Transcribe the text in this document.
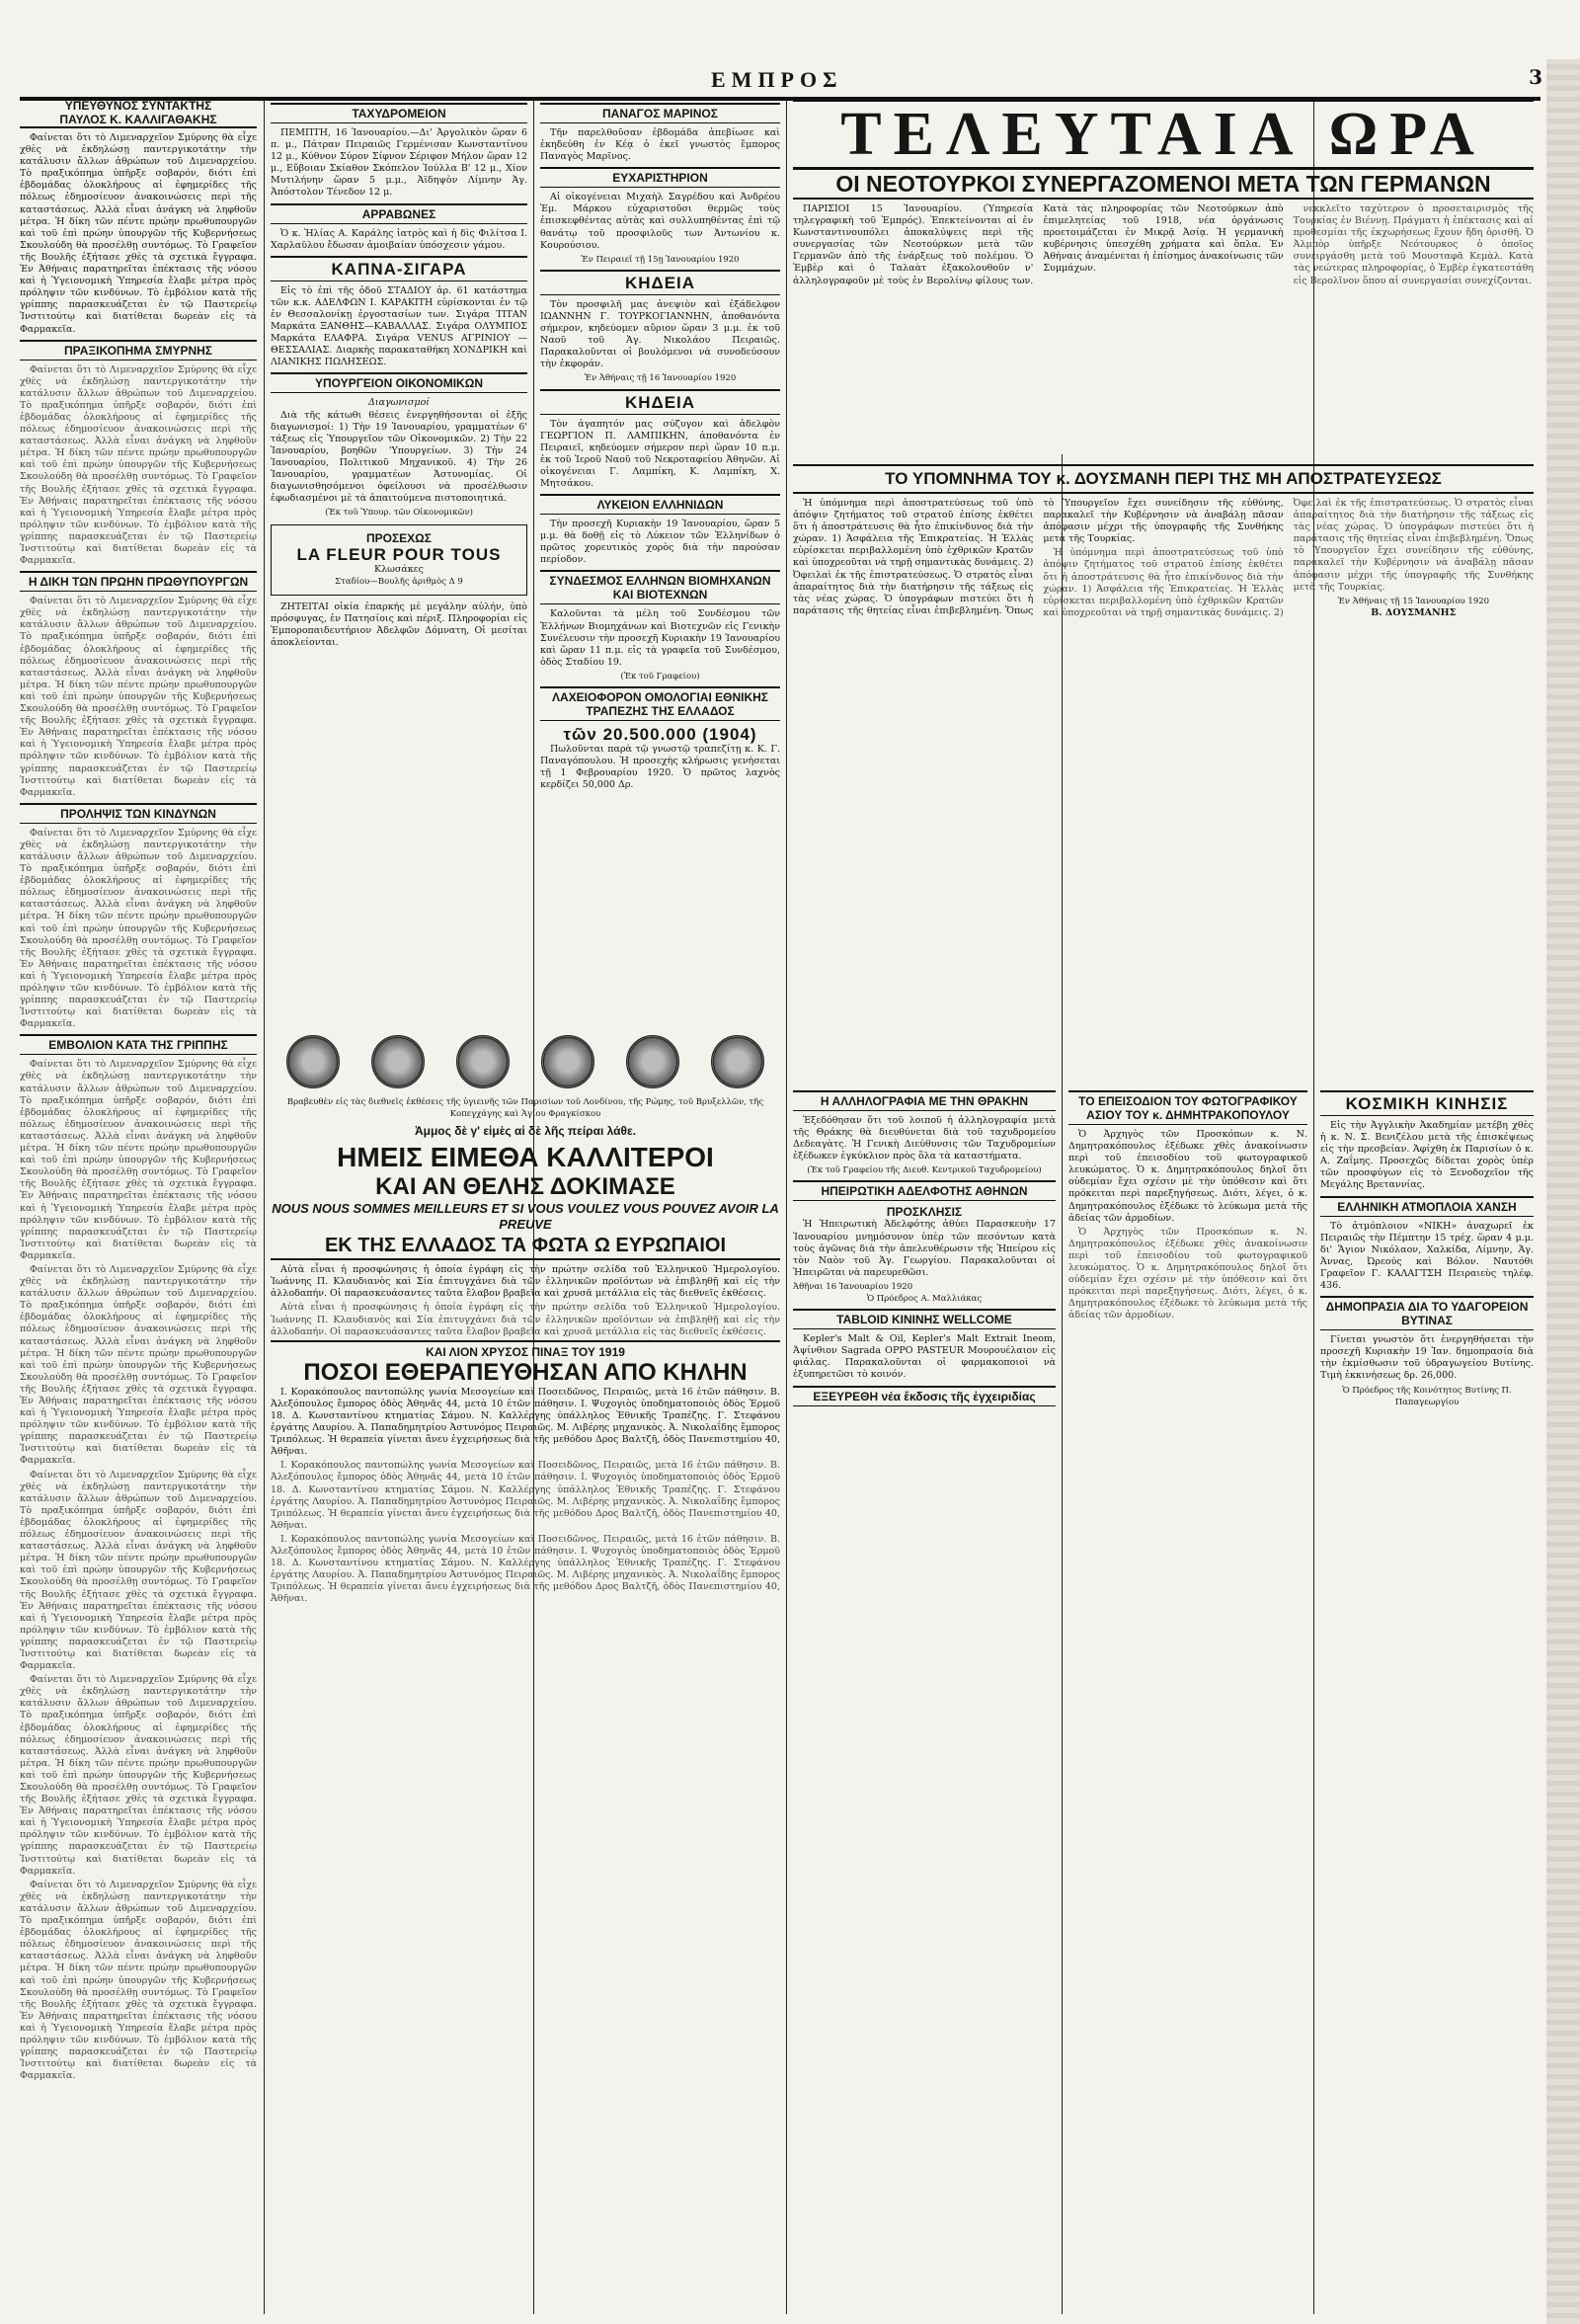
ΕΜΠΡΟΣ	3
ΥΠΕΥΘΥΝΟΣ ΣΥΝΤΑΚΤΗΣ
ΠΑΥΛΟΣ Κ. ΚΑΛΛΙΓΑΘΑΚΗΣ

Φαίνεται ὅτι τὸ Λιμεναρχεῖον Σμύρνης θὰ εἶχε χθὲς νὰ ἐκδηλώσῃ παντεργικοτάτην τὴν κατάλυσιν ἄλλων ἀθρώπων τοῦ Διμεναρχείου. Τὸ πραξικόπημα ὑπῆρξε σοβαρόν, διότι ἐπὶ ἑβδομάδας ὁλοκλήρους αἱ ἐφημερίδες τῆς πόλεως ἐδημοσίευον ἀνακοινώσεις περὶ τῆς καταστάσεως. Ἀλλὰ εἶναι ἀνάγκη νὰ ληφθοῦν μέτρα. Ἡ δίκη τῶν πέντε πρώην πρωθυπουργῶν καὶ τοῦ ἐπὶ πρώην ὑπουργῶν τῆς Κυβερνήσεως Σκουλούδη θὰ προσέλθῃ συντόμως. Τὸ Γραφεῖον τῆς Βουλῆς ἐξήτασε χθὲς τὰ σχετικὰ ἔγγραφα. Ἐν Ἀθήναις παρατηρεῖται ἐπέκτασις τῆς νόσου καὶ ἡ Ὑγειονομικὴ Ὑπηρεσία ἔλαβε μέτρα πρὸς πρόληψιν τῶν κινδύνων. Τὸ ἐμβόλιον κατὰ τῆς γρίππης παρασκευάζεται ἐν τῷ Παστερείῳ Ἰνστιτούτῳ καὶ διατίθεται δωρεὰν εἰς τὰ Φαρμακεῖα.

ΠΡΑΞΙΚΟΠΗΜΑ ΣΜΥΡΝΗΣ

Φαίνεται ὅτι τὸ Λιμεναρχεῖον Σμύρνης θὰ εἶχε χθὲς νὰ ἐκδηλώσῃ παντεργικοτάτην τὴν κατάλυσιν ἄλλων ἀθρώπων τοῦ Διμεναρχείου. Τὸ πραξικόπημα ὑπῆρξε σοβαρόν, διότι ἐπὶ ἑβδομάδας ὁλοκλήρους αἱ ἐφημερίδες τῆς πόλεως ἐδημοσίευον ἀνακοινώσεις περὶ τῆς καταστάσεως. Ἀλλὰ εἶναι ἀνάγκη νὰ ληφθοῦν μέτρα. Ἡ δίκη τῶν πέντε πρώην πρωθυπουργῶν καὶ τοῦ ἐπὶ πρώην ὑπουργῶν τῆς Κυβερνήσεως Σκουλούδη θὰ προσέλθῃ συντόμως. Τὸ Γραφεῖον τῆς Βουλῆς ἐξήτασε χθὲς τὰ σχετικὰ ἔγγραφα. Ἐν Ἀθήναις παρατηρεῖται ἐπέκτασις τῆς νόσου καὶ ἡ Ὑγειονομικὴ Ὑπηρεσία ἔλαβε μέτρα πρὸς πρόληψιν τῶν κινδύνων. Τὸ ἐμβόλιον κατὰ τῆς γρίππης παρασκευάζεται ἐν τῷ Παστερείῳ Ἰνστιτούτῳ καὶ διατίθεται δωρεὰν εἰς τὰ Φαρμακεῖα.

Η ΔΙΚΗ ΤΩΝ ΠΡΩΗΝ ΠΡΩΘΥΠΟΥΡΓΩΝ

Φαίνεται ὅτι τὸ Λιμεναρχεῖον Σμύρνης θὰ εἶχε χθὲς νὰ ἐκδηλώσῃ παντεργικοτάτην τὴν κατάλυσιν ἄλλων ἀθρώπων τοῦ Διμεναρχείου. Τὸ πραξικόπημα ὑπῆρξε σοβαρόν, διότι ἐπὶ ἑβδομάδας ὁλοκλήρους αἱ ἐφημερίδες τῆς πόλεως ἐδημοσίευον ἀνακοινώσεις περὶ τῆς καταστάσεως. Ἀλλὰ εἶναι ἀνάγκη νὰ ληφθοῦν μέτρα. Ἡ δίκη τῶν πέντε πρώην πρωθυπουργῶν καὶ τοῦ ἐπὶ πρώην ὑπουργῶν τῆς Κυβερνήσεως Σκουλούδη θὰ προσέλθῃ συντόμως. Τὸ Γραφεῖον τῆς Βουλῆς ἐξήτασε χθὲς τὰ σχετικὰ ἔγγραφα. Ἐν Ἀθήναις παρατηρεῖται ἐπέκτασις τῆς νόσου καὶ ἡ Ὑγειονομικὴ Ὑπηρεσία ἔλαβε μέτρα πρὸς πρόληψιν τῶν κινδύνων. Τὸ ἐμβόλιον κατὰ τῆς γρίππης παρασκευάζεται ἐν τῷ Παστερείῳ Ἰνστιτούτῳ καὶ διατίθεται δωρεὰν εἰς τὰ Φαρμακεῖα.

ΠΡΟΛΗΨΙΣ ΤΩΝ ΚΙΝΔΥΝΩΝ

Φαίνεται ὅτι τὸ Λιμεναρχεῖον Σμύρνης θὰ εἶχε χθὲς νὰ ἐκδηλώσῃ παντεργικοτάτην τὴν κατάλυσιν ἄλλων ἀθρώπων τοῦ Διμεναρχείου. Τὸ πραξικόπημα ὑπῆρξε σοβαρόν, διότι ἐπὶ ἑβδομάδας ὁλοκλήρους αἱ ἐφημερίδες τῆς πόλεως ἐδημοσίευον ἀνακοινώσεις περὶ τῆς καταστάσεως. Ἀλλὰ εἶναι ἀνάγκη νὰ ληφθοῦν μέτρα. Ἡ δίκη τῶν πέντε πρώην πρωθυπουργῶν καὶ τοῦ ἐπὶ πρώην ὑπουργῶν τῆς Κυβερνήσεως Σκουλούδη θὰ προσέλθῃ συντόμως. Τὸ Γραφεῖον τῆς Βουλῆς ἐξήτασε χθὲς τὰ σχετικὰ ἔγγραφα. Ἐν Ἀθήναις παρατηρεῖται ἐπέκτασις τῆς νόσου καὶ ἡ Ὑγειονομικὴ Ὑπηρεσία ἔλαβε μέτρα πρὸς πρόληψιν τῶν κινδύνων. Τὸ ἐμβόλιον κατὰ τῆς γρίππης παρασκευάζεται ἐν τῷ Παστερείῳ Ἰνστιτούτῳ καὶ διατίθεται δωρεὰν εἰς τὰ Φαρμακεῖα.

ΕΜΒΟΛΙΟΝ ΚΑΤΑ ΤΗΣ ΓΡΙΠΠΗΣ

Φαίνεται ὅτι τὸ Λιμεναρχεῖον Σμύρνης θὰ εἶχε χθὲς νὰ ἐκδηλώσῃ παντεργικοτάτην τὴν κατάλυσιν ἄλλων ἀθρώπων τοῦ Διμεναρχείου. Τὸ πραξικόπημα ὑπῆρξε σοβαρόν, διότι ἐπὶ ἑβδομάδας ὁλοκλήρους αἱ ἐφημερίδες τῆς πόλεως ἐδημοσίευον ἀνακοινώσεις περὶ τῆς καταστάσεως. Ἀλλὰ εἶναι ἀνάγκη νὰ ληφθοῦν μέτρα. Ἡ δίκη τῶν πέντε πρώην πρωθυπουργῶν καὶ τοῦ ἐπὶ πρώην ὑπουργῶν τῆς Κυβερνήσεως Σκουλούδη θὰ προσέλθῃ συντόμως. Τὸ Γραφεῖον τῆς Βουλῆς ἐξήτασε χθὲς τὰ σχετικὰ ἔγγραφα. Ἐν Ἀθήναις παρατηρεῖται ἐπέκτασις τῆς νόσου καὶ ἡ Ὑγειονομικὴ Ὑπηρεσία ἔλαβε μέτρα πρὸς πρόληψιν τῶν κινδύνων. Τὸ ἐμβόλιον κατὰ τῆς γρίππης παρασκευάζεται ἐν τῷ Παστερείῳ Ἰνστιτούτῳ καὶ διατίθεται δωρεὰν εἰς τὰ Φαρμακεῖα.

Φαίνεται ὅτι τὸ Λιμεναρχεῖον Σμύρνης θὰ εἶχε χθὲς νὰ ἐκδηλώσῃ παντεργικοτάτην τὴν κατάλυσιν ἄλλων ἀθρώπων τοῦ Διμεναρχείου. Τὸ πραξικόπημα ὑπῆρξε σοβαρόν, διότι ἐπὶ ἑβδομάδας ὁλοκλήρους αἱ ἐφημερίδες τῆς πόλεως ἐδημοσίευον ἀνακοινώσεις περὶ τῆς καταστάσεως. Ἀλλὰ εἶναι ἀνάγκη νὰ ληφθοῦν μέτρα. Ἡ δίκη τῶν πέντε πρώην πρωθυπουργῶν καὶ τοῦ ἐπὶ πρώην ὑπουργῶν τῆς Κυβερνήσεως Σκουλούδη θὰ προσέλθῃ συντόμως. Τὸ Γραφεῖον τῆς Βουλῆς ἐξήτασε χθὲς τὰ σχετικὰ ἔγγραφα. Ἐν Ἀθήναις παρατηρεῖται ἐπέκτασις τῆς νόσου καὶ ἡ Ὑγειονομικὴ Ὑπηρεσία ἔλαβε μέτρα πρὸς πρόληψιν τῶν κινδύνων. Τὸ ἐμβόλιον κατὰ τῆς γρίππης παρασκευάζεται ἐν τῷ Παστερείῳ Ἰνστιτούτῳ καὶ διατίθεται δωρεὰν εἰς τὰ Φαρμακεῖα.

Φαίνεται ὅτι τὸ Λιμεναρχεῖον Σμύρνης θὰ εἶχε χθὲς νὰ ἐκδηλώσῃ παντεργικοτάτην τὴν κατάλυσιν ἄλλων ἀθρώπων τοῦ Διμεναρχείου. Τὸ πραξικόπημα ὑπῆρξε σοβαρόν, διότι ἐπὶ ἑβδομάδας ὁλοκλήρους αἱ ἐφημερίδες τῆς πόλεως ἐδημοσίευον ἀνακοινώσεις περὶ τῆς καταστάσεως. Ἀλλὰ εἶναι ἀνάγκη νὰ ληφθοῦν μέτρα. Ἡ δίκη τῶν πέντε πρώην πρωθυπουργῶν καὶ τοῦ ἐπὶ πρώην ὑπουργῶν τῆς Κυβερνήσεως Σκουλούδη θὰ προσέλθῃ συντόμως. Τὸ Γραφεῖον τῆς Βουλῆς ἐξήτασε χθὲς τὰ σχετικὰ ἔγγραφα. Ἐν Ἀθήναις παρατηρεῖται ἐπέκτασις τῆς νόσου καὶ ἡ Ὑγειονομικὴ Ὑπηρεσία ἔλαβε μέτρα πρὸς πρόληψιν τῶν κινδύνων. Τὸ ἐμβόλιον κατὰ τῆς γρίππης παρασκευάζεται ἐν τῷ Παστερείῳ Ἰνστιτούτῳ καὶ διατίθεται δωρεὰν εἰς τὰ Φαρμακεῖα.

Φαίνεται ὅτι τὸ Λιμεναρχεῖον Σμύρνης θὰ εἶχε χθὲς νὰ ἐκδηλώσῃ παντεργικοτάτην τὴν κατάλυσιν ἄλλων ἀθρώπων τοῦ Διμεναρχείου. Τὸ πραξικόπημα ὑπῆρξε σοβαρόν, διότι ἐπὶ ἑβδομάδας ὁλοκλήρους αἱ ἐφημερίδες τῆς πόλεως ἐδημοσίευον ἀνακοινώσεις περὶ τῆς καταστάσεως. Ἀλλὰ εἶναι ἀνάγκη νὰ ληφθοῦν μέτρα. Ἡ δίκη τῶν πέντε πρώην πρωθυπουργῶν καὶ τοῦ ἐπὶ πρώην ὑπουργῶν τῆς Κυβερνήσεως Σκουλούδη θὰ προσέλθῃ συντόμως. Τὸ Γραφεῖον τῆς Βουλῆς ἐξήτασε χθὲς τὰ σχετικὰ ἔγγραφα. Ἐν Ἀθήναις παρατηρεῖται ἐπέκτασις τῆς νόσου καὶ ἡ Ὑγειονομικὴ Ὑπηρεσία ἔλαβε μέτρα πρὸς πρόληψιν τῶν κινδύνων. Τὸ ἐμβόλιον κατὰ τῆς γρίππης παρασκευάζεται ἐν τῷ Παστερείῳ Ἰνστιτούτῳ καὶ διατίθεται δωρεὰν εἰς τὰ Φαρμακεῖα.

Φαίνεται ὅτι τὸ Λιμεναρχεῖον Σμύρνης θὰ εἶχε χθὲς νὰ ἐκδηλώσῃ παντεργικοτάτην τὴν κατάλυσιν ἄλλων ἀθρώπων τοῦ Διμεναρχείου. Τὸ πραξικόπημα ὑπῆρξε σοβαρόν, διότι ἐπὶ ἑβδομάδας ὁλοκλήρους αἱ ἐφημερίδες τῆς πόλεως ἐδημοσίευον ἀνακοινώσεις περὶ τῆς καταστάσεως. Ἀλλὰ εἶναι ἀνάγκη νὰ ληφθοῦν μέτρα. Ἡ δίκη τῶν πέντε πρώην πρωθυπουργῶν καὶ τοῦ ἐπὶ πρώην ὑπουργῶν τῆς Κυβερνήσεως Σκουλούδη θὰ προσέλθῃ συντόμως. Τὸ Γραφεῖον τῆς Βουλῆς ἐξήτασε χθὲς τὰ σχετικὰ ἔγγραφα. Ἐν Ἀθήναις παρατηρεῖται ἐπέκτασις τῆς νόσου καὶ ἡ Ὑγειονομικὴ Ὑπηρεσία ἔλαβε μέτρα πρὸς πρόληψιν τῶν κινδύνων. Τὸ ἐμβόλιον κατὰ τῆς γρίππης παρασκευάζεται ἐν τῷ Παστερείῳ Ἰνστιτούτῳ καὶ διατίθεται δωρεὰν εἰς τὰ Φαρμακεῖα.

ΤΑΧΥΔΡΟΜΕΙΟΝ

ΠΕΜΠΤΗ, 16 Ἰανουαρίου.—Δι' Ἀργολικὸν ὥραν 6 π. μ., Πάτραν Πειραιῶς Γερμένισαν Κωνσταντίνου 12 μ., Κύθνον Σύρον Σίφνον Σέριφον Μήλον ὥραν 12 μ., Εὔβοιαν Σκίαθον Σκόπελον Ἰούλλα Β' 12 μ., Χίον Μυτιλήνην ὥραν 5 μ.μ., Ἀϊδηψὸν Λίμνην Ἁγ. Ἀπόστολον Τένεδον 12 μ.

ΑΡΡΑΒΩΝΕΣ

Ὁ κ. Ἠλίας Α. Καράλης ἰατρὸς καὶ ἡ δὶς Φιλίτσα Ι. Χαρλαῦλου ἔδωσαν ἀμοιβαίαν ὑπόσχεσιν γάμου.

ΚΑΠΝΑ-ΣΙΓΑΡΑ

Εἰς τὸ ἐπὶ τῆς ὁδοῦ ΣΤΑΔΙΟΥ ἀρ. 61 κατάστημα τῶν κ.κ. ΑΔΕΛΦΩΝ Ι. ΚΑΡΑΚΙΤΗ εὑρίσκονται ἐν τῷ ἐν Θεσσαλονίκῃ ἐργοστασίων των. Σιγάρα ΤΙΤΑΝ Μαρκάτα ΞΑΝΘΗΣ—ΚΑΒΑΛΛΑΣ. Σιγάρα ΟΛΥΜΠΟΣ Μαρκάτα ΕΛΑΦΡΑ. Σιγάρα VENUS ΑΓΡΙΝΙΟΥ — ΘΕΣΣΑΛΙΑΣ. Διαρκὴς παρακαταθήκη ΧΟΝΔΡΙΚΗ καὶ ΛΙΑΝΙΚΗΣ ΠΩΛΗΣΕΩΣ.

ΥΠΟΥΡΓΕΙΟΝ ΟΙΚΟΝΟΜΙΚΩΝ
Διαγωνισμοί

Διὰ τῆς κάτωθι θέσεις ἐνεργηθήσονται οἱ ἑξῆς διαγωνισμοί: 1) Τὴν 19 Ἰανουαρίου, γραμματέων 6' τάξεως εἰς Ὑπουργεῖον τῶν Οἰκονομικῶν. 2) Τὴν 22 Ἰανουαρίου, βοηθῶν 'Υπουργείων. 3) Τὴν 24 Ἰανουαρίου, Πολιτικοῦ Μηχανικοῦ. 4) Τὴν 26 Ἰανουαρίου, γραμματέων Ἀστυνομίας. Οἱ διαγωνισθησόμενοι ὀφείλουσι νὰ προσέλθωσιν ἐφωδιασμένοι μὲ τὰ ἀπαιτούμενα πιστοποιητικά.

(Ἐκ τοῦ Ὑπουρ. τῶν Οἰκονομικῶν)
ΠΡΟΣΕΧΩΣ
LA FLEUR POUR TOUS
Κλωσάκες
Σταδίου—Βουλῆς ἀριθμὸς Δ 9

ΖΗΤΕΙΤΑΙ οἰκία ἐπαρκής μὲ μεγάλην αὐλήν, ὑπὸ πρόσφυγας, ἐν Πατησίοις καὶ πέριξ. Πληροφορίαι εἰς Ἐμποροπαιδευτήριον Ἀδελφῶν Δόμνατη, Οἱ μεσίται ἀποκλείονται.

ΠΑΝΑΓΟΣ ΜΑΡΙΝΟΣ

Τῆν παρελθοῦσαν ἑβδομάδα ἀπεβίωσε καὶ ἐκηδεύθη ἐν Κέᾳ ὁ ἐκεῖ γνωστὸς ἔμπορος Παναγὸς Μαρῖνος.

ΕΥΧΑΡΙΣΤΗΡΙΟΝ

Αἱ οἰκογένειαι Μιχαὴλ Σαγρέδου καὶ Ἀνδρέου Ἐμ. Μάρκου εὐχαριστοῦσι θερμῶς τοὺς ἐπισκεφθέντας αὐτὰς καὶ συλλυπηθέντας ἐπὶ τῷ θανάτῳ τοῦ προσφιλοῦς των Ἀντωνίου κ. Κουρούσιου.

Ἐν Πειραιεῖ τῇ 15ῃ Ἰανουαρίου 1920
ΚΗΔΕΙΑ

Τὸν προσφιλῆ μας ἀνεψιὸν καὶ ἐξάδελφον ΙΩΑΝΝΗΝ Γ. ΤΟΥΡΚΟΓΙΑΝΝΗΝ, ἀποθανόντα σήμερον, κηδεύομεν αὔριον ὥραν 3 μ.μ. ἐκ τοῦ Ναοῦ τοῦ Ἁγ. Νικολάου Πειραιῶς. Παρακαλοῦνται οἱ βουλόμενοι νὰ συνοδεύσουν τὴν ἐκφοράν.

Ἐν Ἀθήναις τῇ 16 Ἰανουαρίου 1920
ΚΗΔΕΙΑ

Τὸν ἀγαπητόν μας σύζυγον καὶ ἀδελφὸν ΓΕΩΡΓΙΟΝ Π. ΛΑΜΠΙΚΗΝ, ἀποθανόντα ἐν Πειραιεῖ, κηδεύομεν σήμερον περὶ ὥραν 10 π.μ. ἐκ τοῦ Ἱεροῦ Ναοῦ τοῦ Νεκροταφείου Ἀθηνῶν. Αἱ οἰκογένειαι Γ. Λαμπίκη, Κ. Λαμπίκη, Χ. Μητσάκου.

ΛΥΚΕΙΟΝ ΕΛΛΗΝΙΔΩΝ

Τὴν προσεχῆ Κυριακὴν 19 Ἰανουαρίου, ὥραν 5 μ.μ. θὰ δοθῇ εἰς τὸ Λύκειον τῶν Ἑλληνίδων ὁ πρῶτος χορευτικὸς χορὸς διὰ τὴν παρούσαν περίοδον.

ΣΥΝΔΕΣΜΟΣ ΕΛΛΗΝΩΝ ΒΙΟΜΗΧΑΝΩΝ ΚΑΙ ΒΙΟΤΕΧΝΩΝ

Καλοῦνται τὰ μέλη τοῦ Συνδέσμου τῶν Ἑλλήνων Βιομηχάνων καὶ Βιοτεχνῶν εἰς Γενικὴν Συνέλευσιν τὴν προσεχῆ Κυριακὴν 19 Ἰανουαρίου καὶ ὥραν 11 π.μ. εἰς τὰ γραφεῖα τοῦ Συνδέσμου, ὁδὸς Σταδίου 19.

(Ἐκ τοῦ Γραφείου)
ΛΑΧΕΙΟΦΟΡΟΝ ΟΜΟΛΟΓΙΑΙ ΕΘΝΙΚΗΣ ΤΡΑΠΕΖΗΣ ΤΗΣ ΕΛΛΑΔΟΣ
τῶν 20.500.000 (1904)

Πωλοῦνται παρὰ τῷ γνωστῷ τραπεζίτῃ κ. Κ. Γ. Παναγόπουλου. Ἡ προσεχὴς κλήρωσις γενήσεται τῇ 1 Φεβρουαρίου 1920. Ὁ πρῶτος λαχνὸς κερδίζει 50,000 Δρ.

Βραβευθὲν εἰς τὰς διεθνεῖς ἐκθέσεις τῆς ὑγιεινῆς τῶν Παρισίων τοῦ Λονδίνου, τῆς Ρώμης, τοῦ Βρυξελλῶν, τῆς Κοπεγχάγης καὶ Ἁγίου Φραγκίσκου
Ἀμμος δὲ γ' εἰμὲς αἱ δὲ λῆς πείραι λάθε.
ΗΜΕΙΣ ΕΙΜΕΘΑ ΚΑΛΛΙΤΕΡΟΙ
ΚΑΙ ΑΝ ΘΕΛΗΣ ΔΟΚΙΜΑΣΕ
NOUS NOUS SOMMES MEILLEURS ET SI VOUS VOULEZ VOUS POUVEZ AVOIR LA PREUVE
ΕΚ ΤΗΣ ΕΛΛΑΔΟΣ ΤΑ ΦΩΤΑ Ω ΕΥΡΩΠΑΙΟΙ

Αὐτὰ εἶναι ἡ προσφώνησις ἡ ὁποία ἐγράφη εἰς τὴν πρώτην σελίδα τοῦ Ἑλληνικοῦ Ἡμερολογίου. Ἰωάννης Π. Κλαυδιανὸς καὶ Σία ἐπιτυγχάνει διὰ τῶν ἑλληνικῶν προϊόντων νὰ ἐπιβληθῇ καὶ εἰς τὴν ἀλλοδαπήν. Οἱ παρασκευάσαντες ταῦτα ἔλαβον βραβεῖα καὶ χρυσᾶ μετάλλια εἰς τὰς διεθνεῖς ἐκθέσεις.

Αὐτὰ εἶναι ἡ προσφώνησις ἡ ὁποία ἐγράφη εἰς τὴν πρώτην σελίδα τοῦ Ἑλληνικοῦ Ἡμερολογίου. Ἰωάννης Π. Κλαυδιανὸς καὶ Σία ἐπιτυγχάνει διὰ τῶν ἑλληνικῶν προϊόντων νὰ ἐπιβληθῇ καὶ εἰς τὴν ἀλλοδαπήν. Οἱ παρασκευάσαντες ταῦτα ἔλαβον βραβεῖα καὶ χρυσᾶ μετάλλια εἰς τὰς διεθνεῖς ἐκθέσεις.

ΚΑΙ ΛΙΟΝ ΧΡΥΣΟΣ ΠΙΝΑΞ ΤΟΥ 1919
ΠΟΣΟΙ ΕΘΕΡΑΠΕΥΘΗΣΑΝ ΑΠΟ ΚΗΛΗΝ

Ι. Κορακόπουλος παντοπώλης γωνία Μεσογείων καὶ Ποσειδῶνος, Πειραιῶς, μετὰ 16 ἐτῶν πάθησιν. Β. Ἀλεξόπουλος ἔμπορος ὁδὸς Ἀθηνᾶς 44, μετὰ 10 ἐτῶν πάθησιν. Ι. Ψυχογιὸς ὑποδηματοποιὸς ὁδὸς Ἐρμοῦ 18. Δ. Κωνσταντίνου κτηματίας Σάμου. Ν. Καλλέργης ὑπάλληλος Ἐθνικῆς Τραπέζης. Γ. Στεφάνου ἐργάτης Λαυρίου. Ἀ. Παπαδημητρίου Ἀστυνόμος Πειραιῶς. Μ. Λιβέρης μηχανικὸς. Ἀ. Νικολαΐδης ἔμπορος Τριπόλεως. Ἡ θεραπεία γίνεται ἄνευ ἐγχειρήσεως διὰ τῆς μεθόδου Δρος Βαλτζῆ, ὁδὸς Πανεπιστημίου 40, Ἀθῆναι.

Ι. Κορακόπουλος παντοπώλης γωνία Μεσογείων καὶ Ποσειδῶνος, Πειραιῶς, μετὰ 16 ἐτῶν πάθησιν. Β. Ἀλεξόπουλος ἔμπορος ὁδὸς Ἀθηνᾶς 44, μετὰ 10 ἐτῶν πάθησιν. Ι. Ψυχογιὸς ὑποδηματοποιὸς ὁδὸς Ἐρμοῦ 18. Δ. Κωνσταντίνου κτηματίας Σάμου. Ν. Καλλέργης ὑπάλληλος Ἐθνικῆς Τραπέζης. Γ. Στεφάνου ἐργάτης Λαυρίου. Ἀ. Παπαδημητρίου Ἀστυνόμος Πειραιῶς. Μ. Λιβέρης μηχανικὸς. Ἀ. Νικολαΐδης ἔμπορος Τριπόλεως. Ἡ θεραπεία γίνεται ἄνευ ἐγχειρήσεως διὰ τῆς μεθόδου Δρος Βαλτζῆ, ὁδὸς Πανεπιστημίου 40, Ἀθῆναι.

Ι. Κορακόπουλος παντοπώλης γωνία Μεσογείων καὶ Ποσειδῶνος, Πειραιῶς, μετὰ 16 ἐτῶν πάθησιν. Β. Ἀλεξόπουλος ἔμπορος ὁδὸς Ἀθηνᾶς 44, μετὰ 10 ἐτῶν πάθησιν. Ι. Ψυχογιὸς ὑποδηματοποιὸς ὁδὸς Ἐρμοῦ 18. Δ. Κωνσταντίνου κτηματίας Σάμου. Ν. Καλλέργης ὑπάλληλος Ἐθνικῆς Τραπέζης. Γ. Στεφάνου ἐργάτης Λαυρίου. Ἀ. Παπαδημητρίου Ἀστυνόμος Πειραιῶς. Μ. Λιβέρης μηχανικὸς. Ἀ. Νικολαΐδης ἔμπορος Τριπόλεως. Ἡ θεραπεία γίνεται ἄνευ ἐγχειρήσεως διὰ τῆς μεθόδου Δρος Βαλτζῆ, ὁδὸς Πανεπιστημίου 40, Ἀθῆναι.

ΤΕΛΕΥΤΑΙΑ ΩΡΑ
ΟΙ ΝΕΟΤΟΥΡΚΟΙ ΣΥΝΕΡΓΑΖΟΜΕΝΟΙ ΜΕΤΑ ΤΩΝ ΓΕΡΜΑΝΩΝ

ΠΑΡΙΣΙΟΙ 15 Ἰανουαρίου. (Ὑπηρεσία τηλεγραφικὴ τοῦ Ἐμπρός). Ἐπεκτείνονται αἱ ἐν Κωνσταντινουπόλει ἀποκαλύψεις περὶ τῆς συνεργασίας τῶν Νεοτούρκων μετὰ τῶν Γερμανῶν ἀπὸ τῆς ἐνάρξεως τοῦ πολέμου. Ὁ Ἐμβὲρ καὶ ὁ Ταλαὰτ ἐξακολουθοῦν ν' ἀλληλογραφοῦν μὲ τοὺς ἐν Βερολίνῳ φίλους των. Κατὰ τὰς πληροφορίας τῶν Νεοτούρκων ἀπὸ ἐπιμελητείας τοῦ 1918, νέα ὀργάνωσις προετοιμάζεται ἐν Μικρᾷ Ἀσίᾳ. Ἡ γερμανικὴ κυβέρνησις ὑπεσχέθη χρήματα καὶ ὅπλα. Ἐν Ἀθήναις ἀναμένεται ἡ ἐπίσημος ἀνακοίνωσις τῶν Συμμάχων.

νεκκλεῖτο ταχύτερον ὁ προσεταιρισμὸς τῆς Τουρκίας ἐν Βιέννῃ. Πράγματι ἡ ἐπέκτασις καὶ αἱ προθεσμίαι τῆς ἐκχωρήσεως ἔχουν ἤδη ὁρισθῆ. Ὁ Ἀλμπὸρ ὑπῆρξε Νεότουρκος ὁ ὁποῖος συνειργάσθη μετὰ τοῦ Μουσταφᾶ Κεμὰλ. Κατὰ τὰς νεώτερας πληροφορίας, ὁ Ἐμβὲρ ἐγκατεστάθη εἰς Βερολῖνον ὅπου αἱ συνεργασίαι συνεχίζονται.

ΤΟ ΥΠΟΜΝΗΜΑ ΤΟΥ κ. ΔΟΥΣΜΑΝΗ ΠΕΡΙ ΤΗΣ ΜΗ ΑΠΟΣΤΡΑΤΕΥΣΕΩΣ

Ἡ ὑπόμνημα περὶ ἀποστρατεύσεως τοῦ ὑπὸ ἀπόψιν ζητήματος τοῦ στρατοῦ ἐπίσης ἐκθέτει ὅτι ἡ ἀποστράτευσις θὰ ἦτο ἐπικίνδυνος διὰ τὴν χώραν. 1) Ἀσφάλεια τῆς Ἐπικρατείας. Ἡ Ἑλλὰς εὑρίσκεται περιβαλλομένη ὑπὸ ἐχθρικῶν Κρατῶν καὶ ὑποχρεοῦται νὰ τηρῇ σημαντικὰς δυνάμεις. 2) Ὀφειλαὶ ἐκ τῆς ἐπιστρατεύσεως. Ὁ στρατὸς εἶναι ἀπαραίτητος διὰ τὴν διατήρησιν τῆς τάξεως εἰς τὰς νέας χώρας. Ὁ ὑπογράφων πιστεύει ὅτι ἡ παράτασις τῆς θητείας εἶναι ἐπιβεβλημένη. Ὅπως τὸ Ὑπουργεῖον ἔχει συνείδησιν τῆς εὐθύνης, παρακαλεῖ τὴν Κυβέρνησιν νὰ ἀναβάλῃ πᾶσαν ἀπόφασιν μέχρι τῆς ὑπογραφῆς τῆς Συνθήκης μετὰ τῆς Τουρκίας.

Ἡ ὑπόμνημα περὶ ἀποστρατεύσεως τοῦ ὑπὸ ἀπόψιν ζητήματος τοῦ στρατοῦ ἐπίσης ἐκθέτει ὅτι ἡ ἀποστράτευσις θὰ ἦτο ἐπικίνδυνος διὰ τὴν χώραν. 1) Ἀσφάλεια τῆς Ἐπικρατείας. Ἡ Ἑλλὰς εὑρίσκεται περιβαλλομένη ὑπὸ ἐχθρικῶν Κρατῶν καὶ ὑποχρεοῦται νὰ τηρῇ σημαντικὰς δυνάμεις. 2) Ὀφειλαὶ ἐκ τῆς ἐπιστρατεύσεως. Ὁ στρατὸς εἶναι ἀπαραίτητος διὰ τὴν διατήρησιν τῆς τάξεως εἰς τὰς νέας χώρας. Ὁ ὑπογράφων πιστεύει ὅτι ἡ παράτασις τῆς θητείας εἶναι ἐπιβεβλημένη. Ὅπως τὸ Ὑπουργεῖον ἔχει συνείδησιν τῆς εὐθύνης, παρακαλεῖ τὴν Κυβέρνησιν νὰ ἀναβάλῃ πᾶσαν ἀπόφασιν μέχρι τῆς ὑπογραφῆς τῆς Συνθήκης μετὰ τῆς Τουρκίας.

Ἐν Ἀθήναις τῇ 15 Ἰανουαρίου 1920
Β. ΔΟΥΣΜΑΝΗΣ
Η ΑΛΛΗΛΟΓΡΑΦΙΑ ΜΕ ΤΗΝ ΘΡΑΚΗΝ

Ἐξεδόθησαν ὅτι τοῦ λοιποῦ ἡ ἀλληλογραφία μετὰ τῆς Θράκης θὰ διευθύνεται διὰ τοῦ ταχυδρομείου Δεδεαγὰτς. Ἡ Γενικὴ Διεύθυνσις τῶν Ταχυδρομείων ἐξέδωκεν ἐγκύκλιον πρὸς ὅλα τὰ καταστήματα.

(Ἐκ τοῦ Γραφείου τῆς Διευθ. Κεντρικοῦ Ταχυδρομείου)
ΗΠΕΙΡΩΤΙΚΗ ΑΔΕΛΦΟΤΗΣ ΑΘΗΝΩΝ
ΠΡΟΣΚΛΗΣΙΣ

Ἡ Ἠπειρωτικὴ Ἀδελφότης ἀθύει Παρασκευὴν 17 Ἰανουαρίου μνημόσυνον ὑπὲρ τῶν πεσόντων κατὰ τοὺς ἀγῶνας διὰ τὴν ἀπελευθέρωσιν τῆς Ἠπείρου εἰς τὸν Ναὸν τοῦ Ἁγ. Γεωργίου. Παρακαλοῦνται οἱ Ἠπειρῶται νὰ παρευρεθῶσι.

Ἀθῆναι 16 Ἰανουαρίου 1920
Ὁ Πρόεδρος Α. Μαλλιάκας
TABLOID ΚΙΝΙΝΗΣ WELLCOME

Κepler's Malt & Oil, Kepler's Malt Extrait Ineom, Ἀψίνθιον Sagrada OPPO PASTEUR Μουρουέλαιον εἰς φιάλας. Παρακαλοῦνται οἱ φαρμακοποιοὶ νὰ ἐξυπηρετῶσι τὸ κοινόν.

ΕΞΕΥΡΕΘΗ νέα ἔκδοσις τῆς ἐγχειριδίας
ΤΟ ΕΠΕΙΣΟΔΙΟΝ ΤΟΥ ΦΩΤΟΓΡΑΦΙΚΟΥ ΑΣΙΟΥ ΤΟΥ κ. ΔΗΜΗΤΡΑΚΟΠΟΥΛΟΥ

Ὁ Ἀρχηγὸς τῶν Προσκόπων κ. Ν. Δημητρακόπουλος ἐξέδωκε χθὲς ἀνακοίνωσιν περὶ τοῦ ἐπεισοδίου τοῦ φωτογραφικοῦ λευκώματος. Ὁ κ. Δημητρακόπουλος δηλοῖ ὅτι οὐδεμίαν ἔχει σχέσιν μὲ τὴν ὑπόθεσιν καὶ ὅτι πρόκειται περὶ παρεξηγήσεως. Διότι, λέγει, ὁ κ. Δημητρακόπουλος ἐξέδωκε τὸ λεύκωμα μετὰ τῆς ἀδείας τῶν ἀρμοδίων.

Ὁ Ἀρχηγὸς τῶν Προσκόπων κ. Ν. Δημητρακόπουλος ἐξέδωκε χθὲς ἀνακοίνωσιν περὶ τοῦ ἐπεισοδίου τοῦ φωτογραφικοῦ λευκώματος. Ὁ κ. Δημητρακόπουλος δηλοῖ ὅτι οὐδεμίαν ἔχει σχέσιν μὲ τὴν ὑπόθεσιν καὶ ὅτι πρόκειται περὶ παρεξηγήσεως. Διότι, λέγει, ὁ κ. Δημητρακόπουλος ἐξέδωκε τὸ λεύκωμα μετὰ τῆς ἀδείας τῶν ἀρμοδίων.

ΚΟΣΜΙΚΗ ΚΙΝΗΣΙΣ

Εἰς τὴν Ἀγγλικὴν Ἀκαδημίαν μετέβη χθὲς ἡ κ. Ν. Σ. Βενιζέλου μετὰ τῆς ἐπισκέψεως εἰς τὴν πρεσβείαν. Ἀφίχθη ἐκ Παρισίων ὁ κ. Α. Ζαΐμης. Προσεχῶς δίδεται χορὸς ὑπὲρ τῶν προσφύγων εἰς τὸ Ξενοδοχεῖον τῆς Μεγάλης Βρεταννίας.

ΕΛΛΗΝΙΚΗ ΑΤΜΟΠΛΟΙΑ ΧΑΝΣΗ

Τὸ ἀτμόπλοιον «ΝΙΚΗ» ἀναχωρεῖ ἐκ Πειραιῶς τὴν Πέμπτην 15 τρέχ. ὥραν 4 μ.μ. δι' Ἄγιον Νικόλαον, Χαλκίδα, Λίμνην, Ἁγ. Ἀννας, Ὠρεούς καὶ Βόλον. Ναυτόθι Γραφεῖον Γ. ΚΑΛΑΓΤΣΗ Πειραιεὺς τηλέφ. 436.

ΔΗΜΟΠΡΑΣΙΑ ΔΙΑ ΤΟ ΥΔΑΓΟΡΕΙΟΝ ΒΥΤΙΝΑΣ

Γίνεται γνωστὸν ὅτι ἐνεργηθήσεται τὴν προσεχῆ Κυριακὴν 19 Ἰαν. δημοπρασία διὰ τὴν ἐκμίσθωσιν τοῦ ὑδραγωγείου Βυτίνης. Τιμὴ ἐκκινήσεως δρ. 26,000.

Ὁ Πρόεδρος τῆς Κοινότητος Βυτίνης Π. Παπαγεωργίου
